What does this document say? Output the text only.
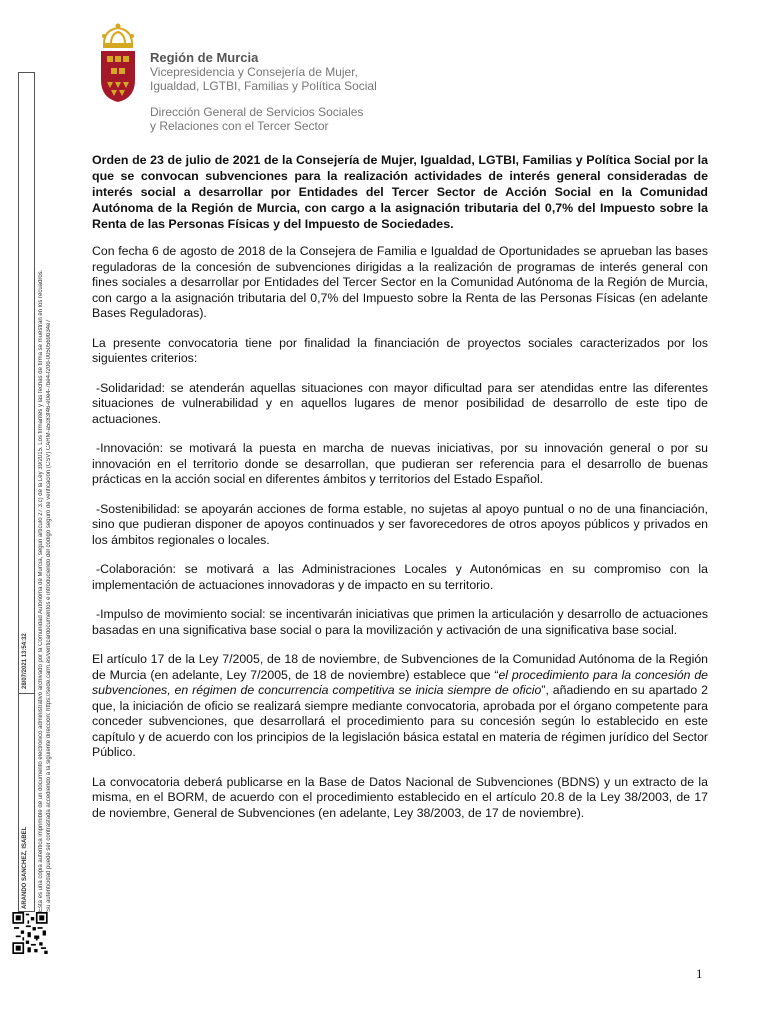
Región de Murcia
Vicepresidencia y Consejería de Mujer,
Igualdad, LGTBI, Familias y Política Social
Dirección General de Servicios Sociales
y Relaciones con el Tercer Sector
ARANDO SANCHEZ, ISABEL
28/07/2021 13:54:32 Esta es una copia auténtica imprimible de un documento electrónico administrativo archivado por la Comunidad Autónoma de Murcia, según artículo 27.3.c) de la Ley 39/2015. Los firmantes y las fechas de firma se muestran en los recuadros. Su autenticidad puede ser contrastada accediendo a la siguiente dirección: https://sede.carm.es/verificardocumentos e introduciendo del código seguro de verificación (CSV) CARM-a5c83f46-e0e4-7be4-f20d-0050569b34e7

Orden de 23 de julio de 2021 de la Consejería de Mujer, Igualdad, LGTBI, Familias y Política Social por la que se convocan subvenciones para la realización actividades de interés general consideradas de interés social a desarrollar por Entidades del Tercer Sector de Acción Social en la Comunidad Autónoma de la Región de Murcia, con cargo a la asignación tributaria del 0,7% del Impuesto sobre la Renta de las Personas Físicas y del Impuesto de Sociedades.

Con fecha 6 de agosto de 2018 de la Consejera de Familia e Igualdad de Oportunidades se aprueban las bases reguladoras de la concesión de subvenciones dirigidas a la realización de programas de interés general con fines sociales a desarrollar por Entidades del Tercer Sector en la Comunidad Autónoma de la Región de Murcia, con cargo a la asignación tributaria del 0,7% del Impuesto sobre la Renta de las Personas Físicas (en adelante Bases Reguladoras).

La presente convocatoria tiene por finalidad la financiación de proyectos sociales caracterizados por los siguientes criterios:

-Solidaridad: se atenderán aquellas situaciones con mayor dificultad para ser atendidas entre las diferentes situaciones de vulnerabilidad y en aquellos lugares de menor posibilidad de desarrollo de este tipo de actuaciones.

-Innovación: se motivará la puesta en marcha de nuevas iniciativas, por su innovación general o por su innovación en el territorio donde se desarrollan, que pudieran ser referencia para el desarrollo de buenas prácticas en la acción social en diferentes ámbitos y territorios del Estado Español.

-Sostenibilidad: se apoyarán acciones de forma estable, no sujetas al apoyo puntual o no de una financiación, sino que pudieran disponer de apoyos continuados y ser favorecedores de otros apoyos públicos y privados en los ámbitos regionales o locales.

-Colaboración: se motivará a las Administraciones Locales y Autonómicas en su compromiso con la implementación de actuaciones innovadoras y de impacto en su territorio.

-Impulso de movimiento social: se incentivarán iniciativas que primen la articulación y desarrollo de actuaciones basadas en una significativa base social o para la movilización y activación de una significativa base social.

El artículo 17 de la Ley 7/2005, de 18 de noviembre, de Subvenciones de la Comunidad Autónoma de la Región de Murcia (en adelante, Ley 7/2005, de 18 de noviembre) establece que “el procedimiento para la concesión de subvenciones, en régimen de concurrencia competitiva se inicia siempre de oficio”, añadiendo en su apartado 2 que, la iniciación de oficio se realizará siempre mediante convocatoria, aprobada por el órgano competente para conceder subvenciones, que desarrollará el procedimiento para su concesión según lo establecido en este capítulo y de acuerdo con los principios de la legislación básica estatal en materia de régimen jurídico del Sector Público.

La convocatoria deberá publicarse en la Base de Datos Nacional de Subvenciones (BDNS) y un extracto de la misma, en el BORM, de acuerdo con el procedimiento establecido en el artículo 20.8 de la Ley 38/2003, de 17 de noviembre, General de Subvenciones (en adelante, Ley 38/2003, de 17 de noviembre).

1
